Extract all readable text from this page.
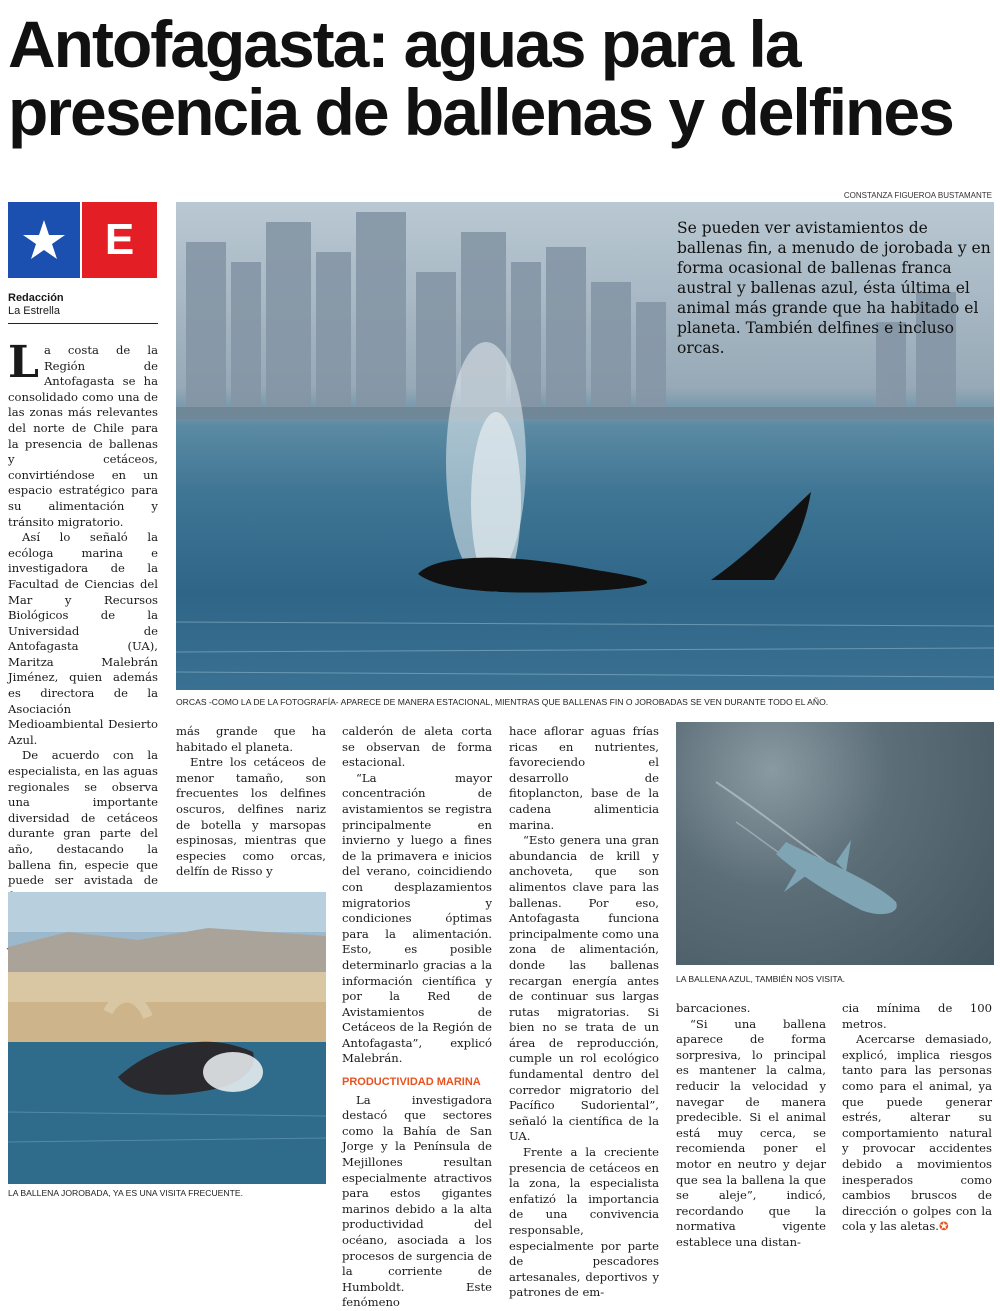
Antofagasta: aguas para la
presencia de ballenas y delfines
CONSTANZA FIGUEROA BUSTAMANTE
E
Redacción
La Estrella

La costa de la Región de Antofagasta se ha consolidado como una de las zonas más relevantes del norte de Chile para la presencia de ballenas y cetáceos, convirtiéndose en un espacio estratégico para su alimentación y tránsito migratorio.

Así lo señaló la ecóloga marina e investigadora de la Facultad de Ciencias del Mar y Recursos Biológicos de la Universidad de Antofagasta (UA), Maritza Malebrán Jiménez, quien además es directora de la Asociación Medioambiental Desierto Azul.

De acuerdo con la especialista, en las aguas regionales se observa una importante diversidad de cetáceos durante gran parte del año, destacando la ballena fin, especie que puede ser avistada de

Se pueden ver avistamientos de ballenas fin, a menudo de jorobada y en forma ocasional de ballenas franca austral y ballenas azul, ésta última el animal más grande que ha habitado el planeta. También delfines e incluso orcas.
ORCAS -COMO LA DE LA FOTOGRAFÍA- APARECE DE MANERA ESTACIONAL, MIENTRAS QUE BALLENAS FIN O JOROBADAS SE VEN DURANTE TODO EL AÑO.

más grande que ha habitado el planeta.

Entre los cetáceos de menor tamaño, son frecuentes los delfines oscuros, delfines nariz de botella y marsopas espinosas, mientras que especies como orcas, delfín de Risso y

calderón de aleta corta se observan de forma estacional.

“La mayor concentración de avistamientos se registra principalmente en invierno y luego a fines de la primavera e inicios del verano, coincidiendo con desplazamientos migratorios y condiciones óptimas para la alimentación. Esto, es posible determinarlo gracias a la información científica y por la Red de Avistamientos de Cetáceos de la Región de Antofagasta”, explicó Malebrán.

PRODUCTIVIDAD MARINA

La investigadora destacó que sectores como la Bahía de San Jorge y la Península de Mejillones resultan especialmente atractivos para estos gigantes marinos debido a la alta productividad del océano, asociada a los procesos de surgencia de la corriente de Humboldt. Este fenómeno

hace aflorar aguas frías ricas en nutrientes, favoreciendo el desarrollo de fitoplancton, base de la cadena alimenticia marina.

“Esto genera una gran abundancia de krill y anchoveta, que son alimentos clave para las ballenas. Por eso, Antofagasta funciona principalmente como una zona de alimentación, donde las ballenas recargan energía antes de continuar sus largas rutas migratorias. Si bien no se trata de un área de reproducción, cumple un rol ecológico fundamental dentro del corredor migratorio del Pacífico Sudoriental”, señaló la científica de la UA.

Frente a la creciente presencia de cetáceos en la zona, la especialista enfatizó la importancia de una convivencia responsable, especialmente por parte de pescadores artesanales, deportivos y patrones de em-

LA BALLENA AZUL, TAMBIÉN NOS VISITA.

barcaciones.

“Si una ballena aparece de forma sorpresiva, lo principal es mantener la calma, reducir la velocidad y navegar de manera predecible. Si el animal está muy cerca, se recomienda poner el motor en neutro y dejar que sea la ballena la que se aleje”, indicó, recordando que la normativa vigente establece una distan-

cia mínima de 100 metros.

Acercarse demasiado, explicó, implica riesgos tanto para las personas como para el animal, ya que puede generar estrés, alterar su comportamiento natural y provocar accidentes debido a movimientos inesperados como cambios bruscos de dirección o golpes con la cola y las aletas.✪

LA BALLENA JOROBADA, YA ES UNA VISITA FRECUENTE.
